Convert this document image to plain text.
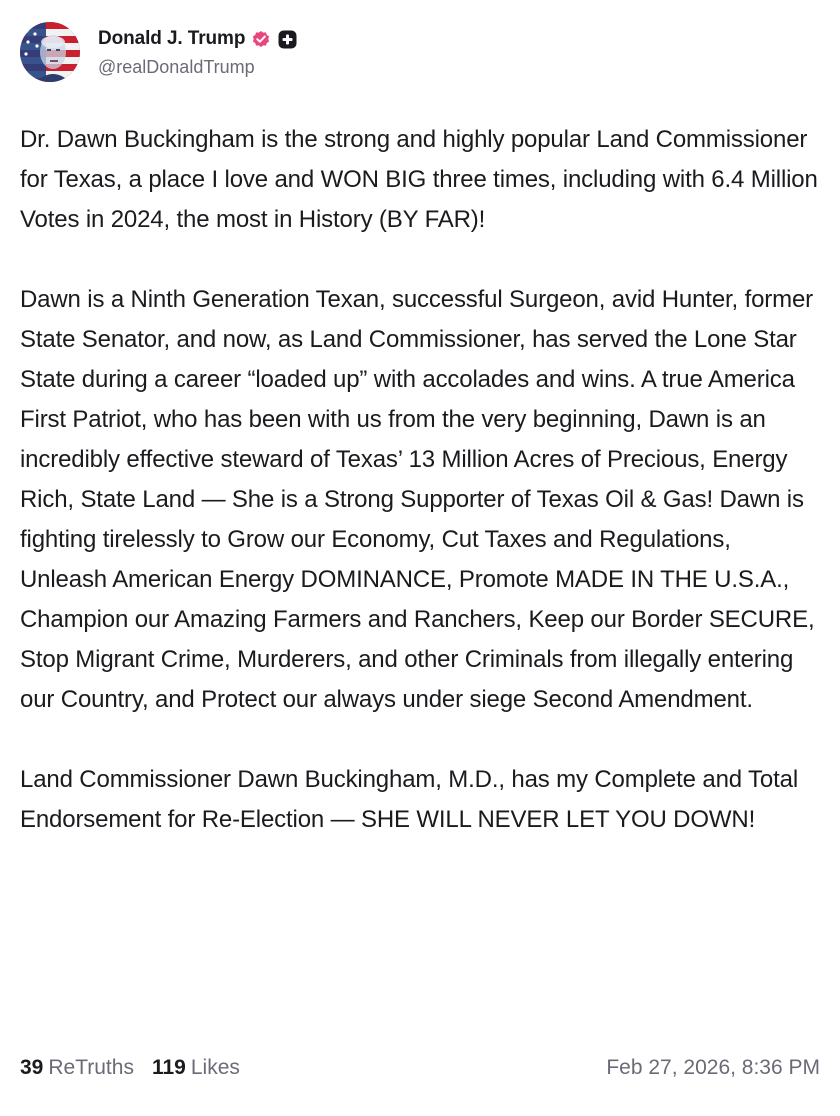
Donald J. Trump
@realDonaldTrump

Dr. Dawn Buckingham is the strong and highly popular Land Commissioner for Texas, a place I love and WON BIG three times, including with 6.4 Million Votes in 2024, the most in History (BY FAR)!

Dawn is a Ninth Generation Texan, successful Surgeon, avid Hunter, former State Senator, and now, as Land Commissioner, has served the Lone Star State during a career “loaded up” with accolades and wins. A true America First Patriot, who has been with us from the very beginning, Dawn is an incredibly effective steward of Texas’ 13 Million Acres of Precious, Energy Rich, State Land — She is a Strong Supporter of Texas Oil & Gas! Dawn is fighting tirelessly to Grow our Economy, Cut Taxes and Regulations, Unleash American Energy DOMINANCE, Promote MADE IN THE U.S.A., Champion our Amazing Farmers and Ranchers, Keep our Border SECURE, Stop Migrant Crime, Murderers, and other Criminals from illegally entering our Country, and Protect our always under siege Second Amendment.

Land Commissioner Dawn Buckingham, M.D., has my Complete and Total Endorsement for Re-Election — SHE WILL NEVER LET YOU DOWN!

39 ReTruths 119 Likes	Feb 27, 2026, 8:36 PM
